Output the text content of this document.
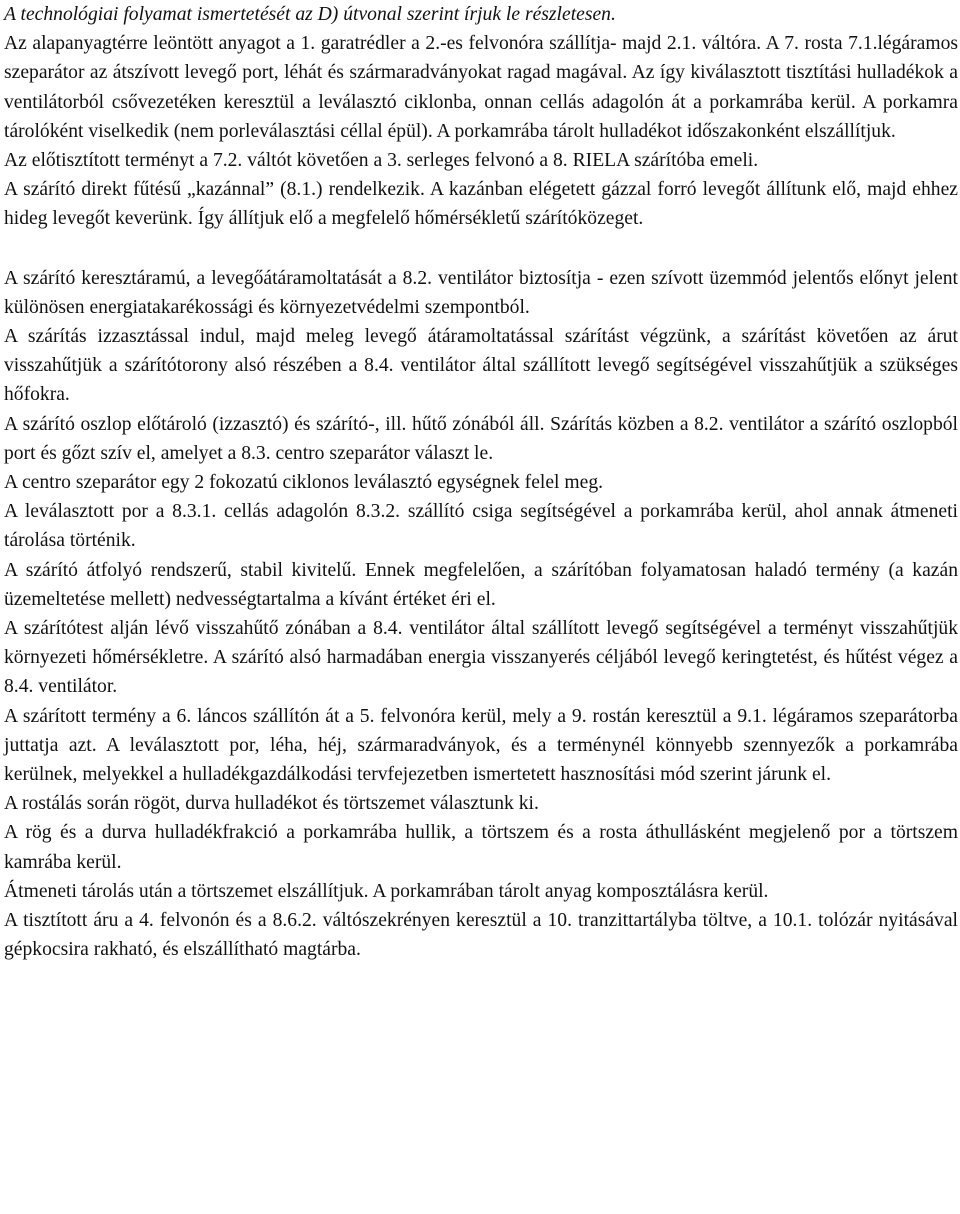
A technológiai folyamat ismertetését az D) útvonal szerint írjuk le részletesen.

Az alapanyagtérre leöntött anyagot a 1. garatrédler a 2.-es felvonóra szállítja- majd 2.1. váltóra. A 7. rosta 7.1.légáramos szeparátor az átszívott levegő port, léhát és szármaradványokat ragad magával. Az így kiválasztott tisztítási hulladékok a ventilátorból csővezetéken keresztül a leválasztó ciklonba, onnan cellás adagolón át a porkamrába kerül. A porkamra tárolóként viselkedik (nem porleválasztási céllal épül). A porkamrába tárolt hulladékot időszakonként elszállítjuk.

Az előtisztított terményt a 7.2. váltót követően a 3. serleges felvonó a 8. RIELA szárítóba emeli.

A szárító direkt fűtésű „kazánnal” (8.1.) rendelkezik. A kazánban elégetett gázzal forró levegőt állítunk elő, majd ehhez hideg levegőt keverünk. Így állítjuk elő a megfelelő hőmérsékletű szárítóközeget.

A szárító keresztáramú, a levegőátáramoltatását a 8.2. ventilátor biztosítja - ezen szívott üzemmód jelentős előnyt jelent különösen energiatakarékossági és környezetvédelmi szempontból.

A szárítás izzasztással indul, majd meleg levegő átáramoltatással szárítást végzünk, a szárítást követően az árut visszahűtjük a szárítótorony alsó részében a 8.4. ventilátor által szállított levegő segítségével visszahűtjük a szükséges hőfokra.

A szárító oszlop előtároló (izzasztó) és szárító-, ill. hűtő zónából áll. Szárítás közben a 8.2. ventilátor a szárító oszlopból port és gőzt szív el, amelyet a 8.3. centro szeparátor választ le.

A centro szeparátor egy 2 fokozatú ciklonos leválasztó egységnek felel meg.

A leválasztott por a 8.3.1. cellás adagolón 8.3.2. szállító csiga segítségével a porkamrába kerül, ahol annak átmeneti tárolása történik.

A szárító átfolyó rendszerű, stabil kivitelű. Ennek megfelelően, a szárítóban folyamatosan haladó termény (a kazán üzemeltetése mellett) nedvességtartalma a kívánt értéket éri el.

A szárítótest alján lévő visszahűtő zónában a 8.4. ventilátor által szállított levegő segítségével a terményt visszahűtjük környezeti hőmérsékletre. A szárító alsó harmadában energia visszanyerés céljából levegő keringtetést, és hűtést végez a 8.4. ventilátor.

A szárított termény a 6. láncos szállítón át a 5. felvonóra kerül, mely a 9. rostán keresztül a 9.1. légáramos szeparátorba juttatja azt. A leválasztott por, léha, héj, szármaradványok, és a terménynél könnyebb szennyezők a porkamrába kerülnek, melyekkel a hulladékgazdálkodási tervfejezetben ismertetett hasznosítási mód szerint járunk el.

A rostálás során rögöt, durva hulladékot és törtszemet választunk ki.

A rög és a durva hulladékfrakció a porkamrába hullik, a törtszem és a rosta áthullásként megjelenő por a törtszem kamrába kerül.

Átmeneti tárolás után a törtszemet elszállítjuk. A porkamrában tárolt anyag komposztálásra kerül.

A tisztított áru a 4. felvonón és a 8.6.2. váltószekrényen keresztül a 10. tranzittartályba töltve, a 10.1. tolózár nyitásával gépkocsira rakható, és elszállítható magtárba.
